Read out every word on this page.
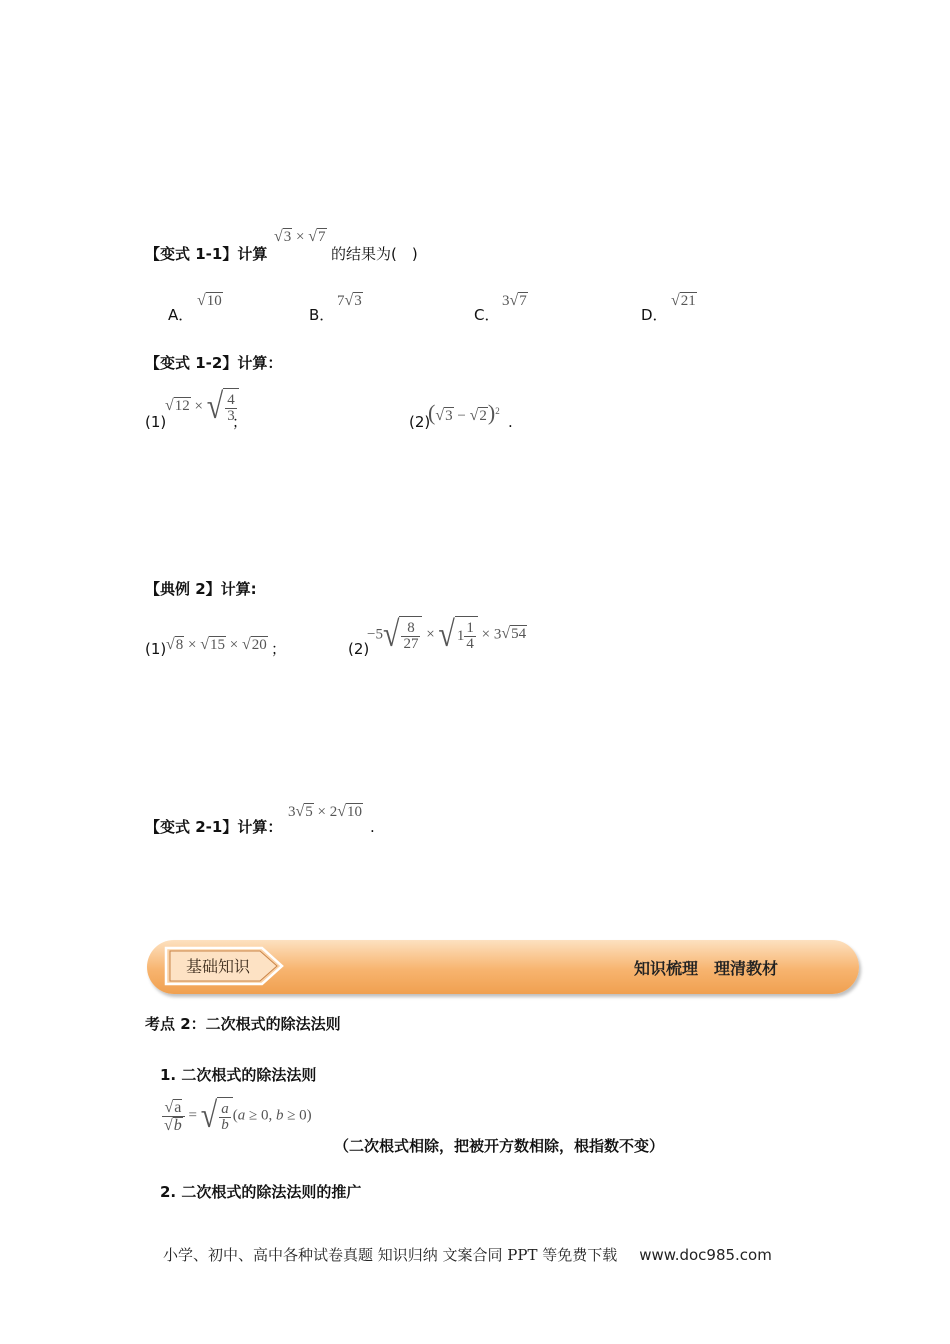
【变式 1-1】计算
√3 × √7
的结果为(　)
A．
√10
B．
7√3
C．
3√7
D．
√21
【变式 1-2】计算：
(1)
√12 × √ $\frac{4}{3}$
；	(2)
$(√3 - √2)^2$
.
【典例 2】计算:
(1) √8 × √15 × √20 ；	(2)
−5 √ $\frac{8}{27}$ × √ $1 \frac{1}{4} \times 3√54$
【变式 2-1】计算：
3√5 × 2√10
.
基础知识	知识梳理　理清教材
考点 2：二次根式的除法法则
1. 二次根式的除法法则
$\frac{√a}{√b}$ = √ $\frac{a}{b} (a \ge 0$, b ≥ 0)
（二次根式相除，把被开方数相除，根指数不变）
2. 二次根式的除法法则的推广
小学、初中、高中各种试卷真题 知识归纳 文案合同 PPT 等免费下载 www.doc985.com
